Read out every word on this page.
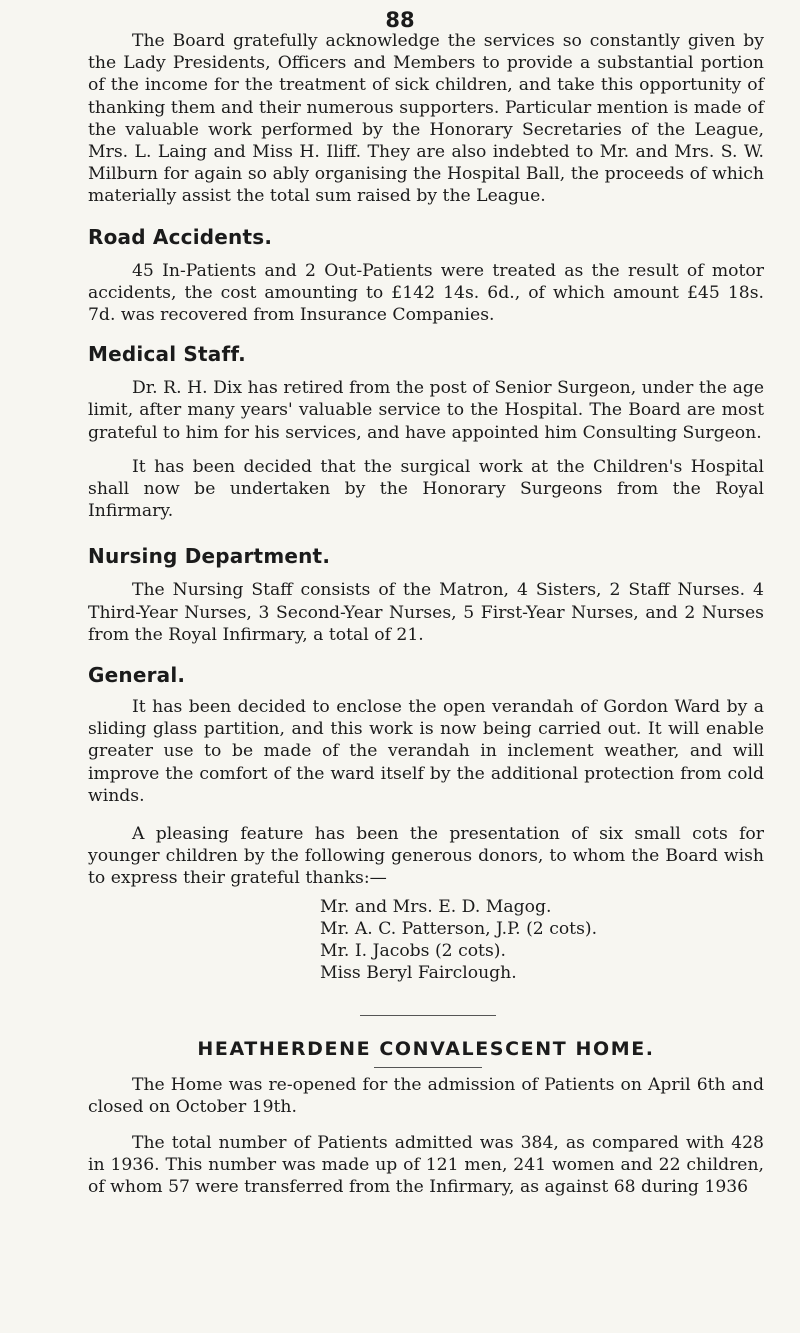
88

The Board gratefully acknowledge the services so constantly given by the Lady Presidents, Officers and Members to provide a substantial portion of the income for the treatment of sick children, and take this opportunity of thanking them and their numerous supporters. Particular mention is made of the valuable work performed by the Honorary Secretaries of the League, Mrs. L. Laing and Miss H. Iliff. They are also indebted to Mr. and Mrs. S. W. Milburn for again so ably organising the Hospital Ball, the proceeds of which materially assist the total sum raised by the League.

Road Accidents.

45 In-Patients and 2 Out-Patients were treated as the result of motor accidents, the cost amounting to £142 14s. 6d., of which amount £45 18s. 7d. was recovered from Insurance Companies.

Medical Staff.

Dr. R. H. Dix has retired from the post of Senior Surgeon, under the age limit, after many years' valuable service to the Hospital. The Board are most grateful to him for his services, and have appointed him Consulting Surgeon.

It has been decided that the surgical work at the Children's Hospital shall now be undertaken by the Honorary Surgeons from the Royal Infirmary.

Nursing Department.

The Nursing Staff consists of the Matron, 4 Sisters, 2 Staff Nurses. 4 Third-Year Nurses, 3 Second-Year Nurses, 5 First-Year Nurses, and 2 Nurses from the Royal Infirmary, a total of 21.

General.

It has been decided to enclose the open verandah of Gordon Ward by a sliding glass partition, and this work is now being carried out. It will enable greater use to be made of the verandah in inclement weather, and will improve the comfort of the ward itself by the additional protection from cold winds.

A pleasing feature has been the presentation of six small cots for younger children by the following generous donors, to whom the Board wish to express their grateful thanks:—

Mr. and Mrs. E. D. Magog.
Mr. A. C. Patterson, J.P. (2 cots).
Mr. I. Jacobs (2 cots).
Miss Beryl Fairclough.
HEATHERDENE CONVALESCENT HOME.

The Home was re-opened for the admission of Patients on April 6th and closed on October 19th.

The total number of Patients admitted was 384, as compared with 428 in 1936. This number was made up of 121 men, 241 women and 22 children, of whom 57 were transferred from the Infirmary, as against 68 during 1936
